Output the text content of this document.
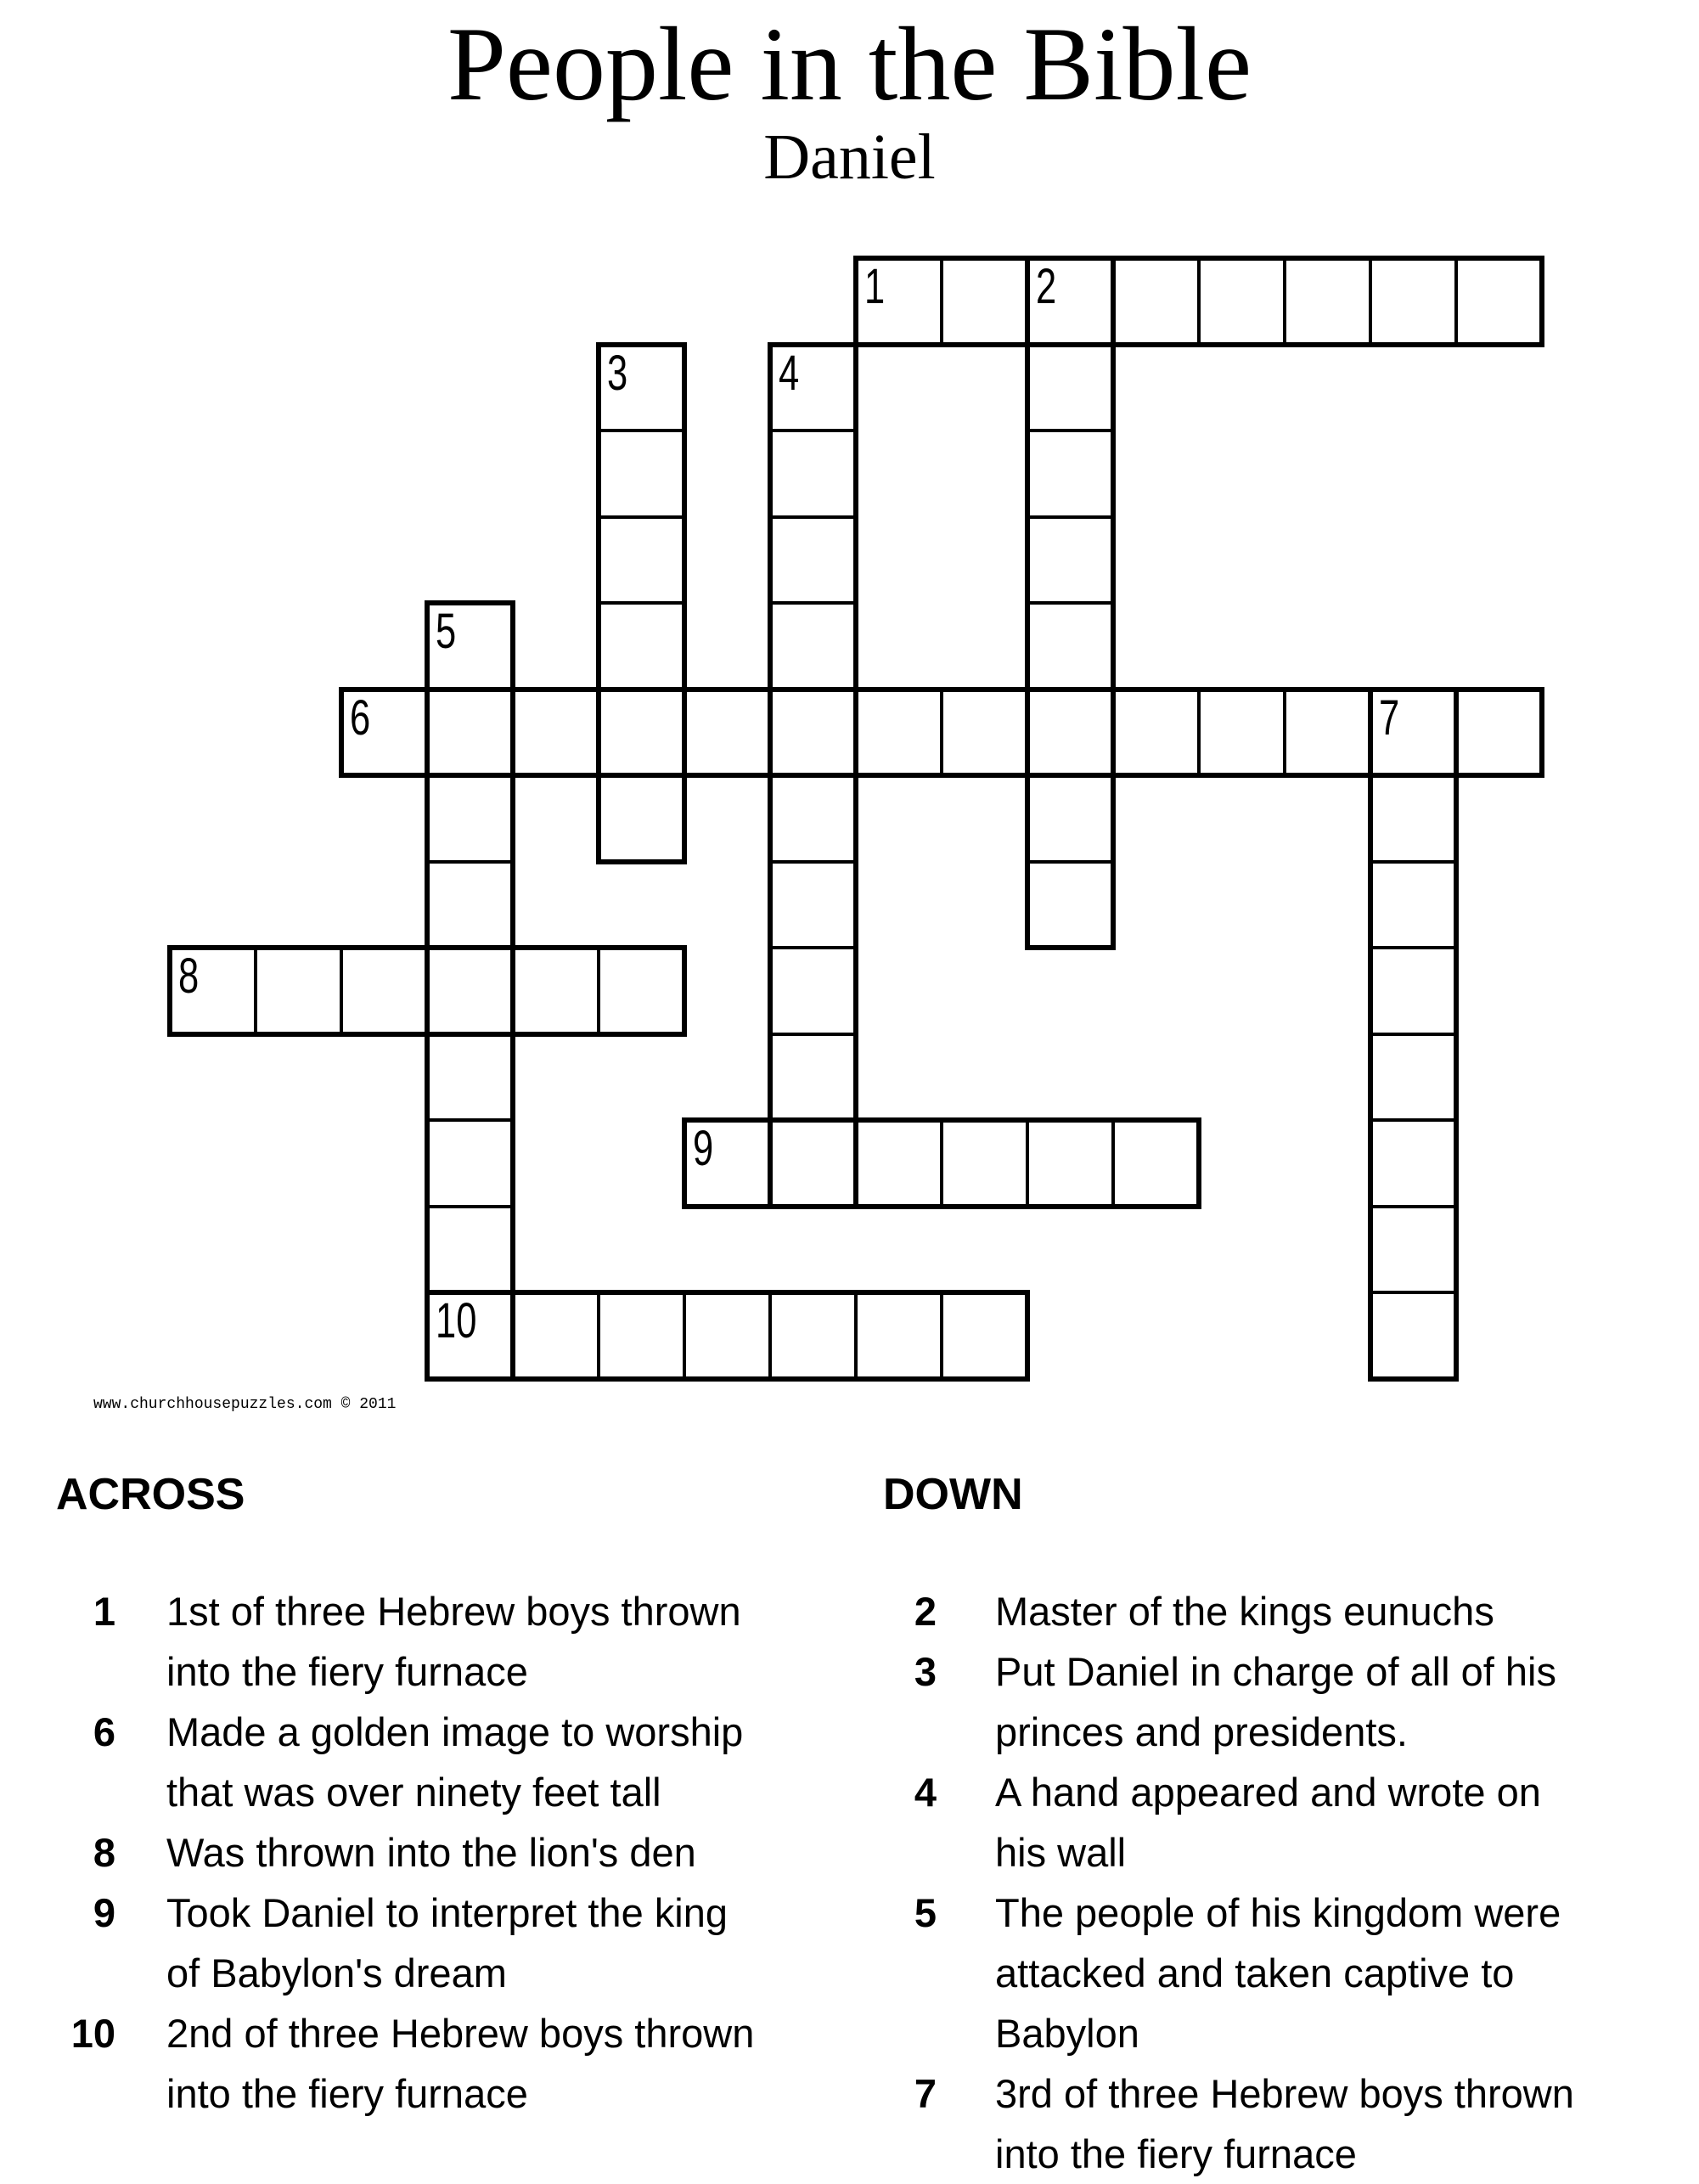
People in the Bible
Daniel
1	2
3	4
5
6	7
8
9
10
www.churchhousepuzzles.com © 2011
ACROSS	DOWN
1 1st of three Hebrew boys thrown
into the fiery furnace
6 Made a golden image to worship
that was over ninety feet tall
8 Was thrown into the lion's den
9 Took Daniel to interpret the king
of Babylon's dream
10 2nd of three Hebrew boys thrown
into the fiery furnace
2 Master of the kings eunuchs
3 Put Daniel in charge of all of his
princes and presidents.
4 A hand appeared and wrote on
his wall
5 The people of his kingdom were
attacked and taken captive to
Babylon
7 3rd of three Hebrew boys thrown
into the fiery furnace
